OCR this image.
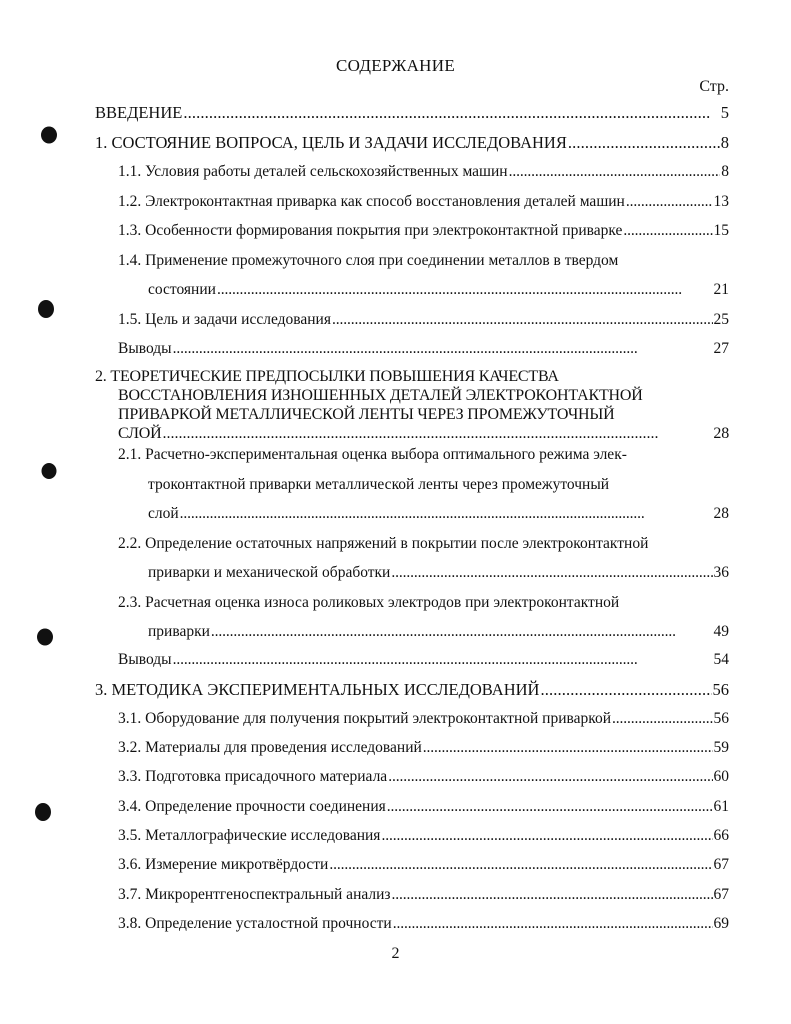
СОДЕРЖАНИЕ
Стр.
ВВЕДЕНИЕ . . .	5
1. СОСТОЯНИЕ ВОПРОСА, ЦЕЛЬ И ЗАДАЧИ ИССЛЕДОВАНИЯ . . .	8
1.1. Условия работы деталей сельскохозяйственных машин . . .	8
1.2. Электроконтактная приварка как способ восстановления деталей машин . . .	13
1.3. Особенности формирования покрытия при электроконтактной приварке . . .	15
1.4. Применение промежуточного слоя при соединении металлов в твердом
состоянии . . .	21
1.5. Цель и задачи исследования . . .	25
Выводы . . .	27
2. ТЕОРЕТИЧЕСКИЕ ПРЕДПОСЫЛКИ ПОВЫШЕНИЯ КАЧЕСТВА
ВОССТАНОВЛЕНИЯ ИЗНОШЕННЫХ ДЕТАЛЕЙ ЭЛЕКТРОКОНТАКТНОЙ
ПРИВАРКОЙ МЕТАЛЛИЧЕСКОЙ ЛЕНТЫ ЧЕРЕЗ ПРОМЕЖУТОЧНЫЙ
СЛОЙ . . .	28
2.1. Расчетно-экспериментальная оценка выбора оптимального режима элек-
троконтактной приварки металлической ленты через промежуточный
слой . . .	28
2.2. Определение остаточных напряжений в покрытии после электроконтактной
приварки и механической обработки . . .	36
2.3. Расчетная оценка износа роликовых электродов при электроконтактной
приварки . . .	49
Выводы . . .	54
3. МЕТОДИКА ЭКСПЕРИМЕНТАЛЬНЫХ ИССЛЕДОВАНИЙ . . .	56
3.1. Оборудование для получения покрытий электроконтактной приваркой . . .	56
3.2. Материалы для проведения исследований . . .	59
3.3. Подготовка присадочного материала . . .	60
3.4. Определение прочности соединения . . .	61
3.5. Металлографические исследования . . .	66
3.6. Измерение микротвёрдости . . .	67
3.7. Микрорентгеноспектральный анализ . . .	67
3.8. Определение усталостной прочности . . .	69
2
